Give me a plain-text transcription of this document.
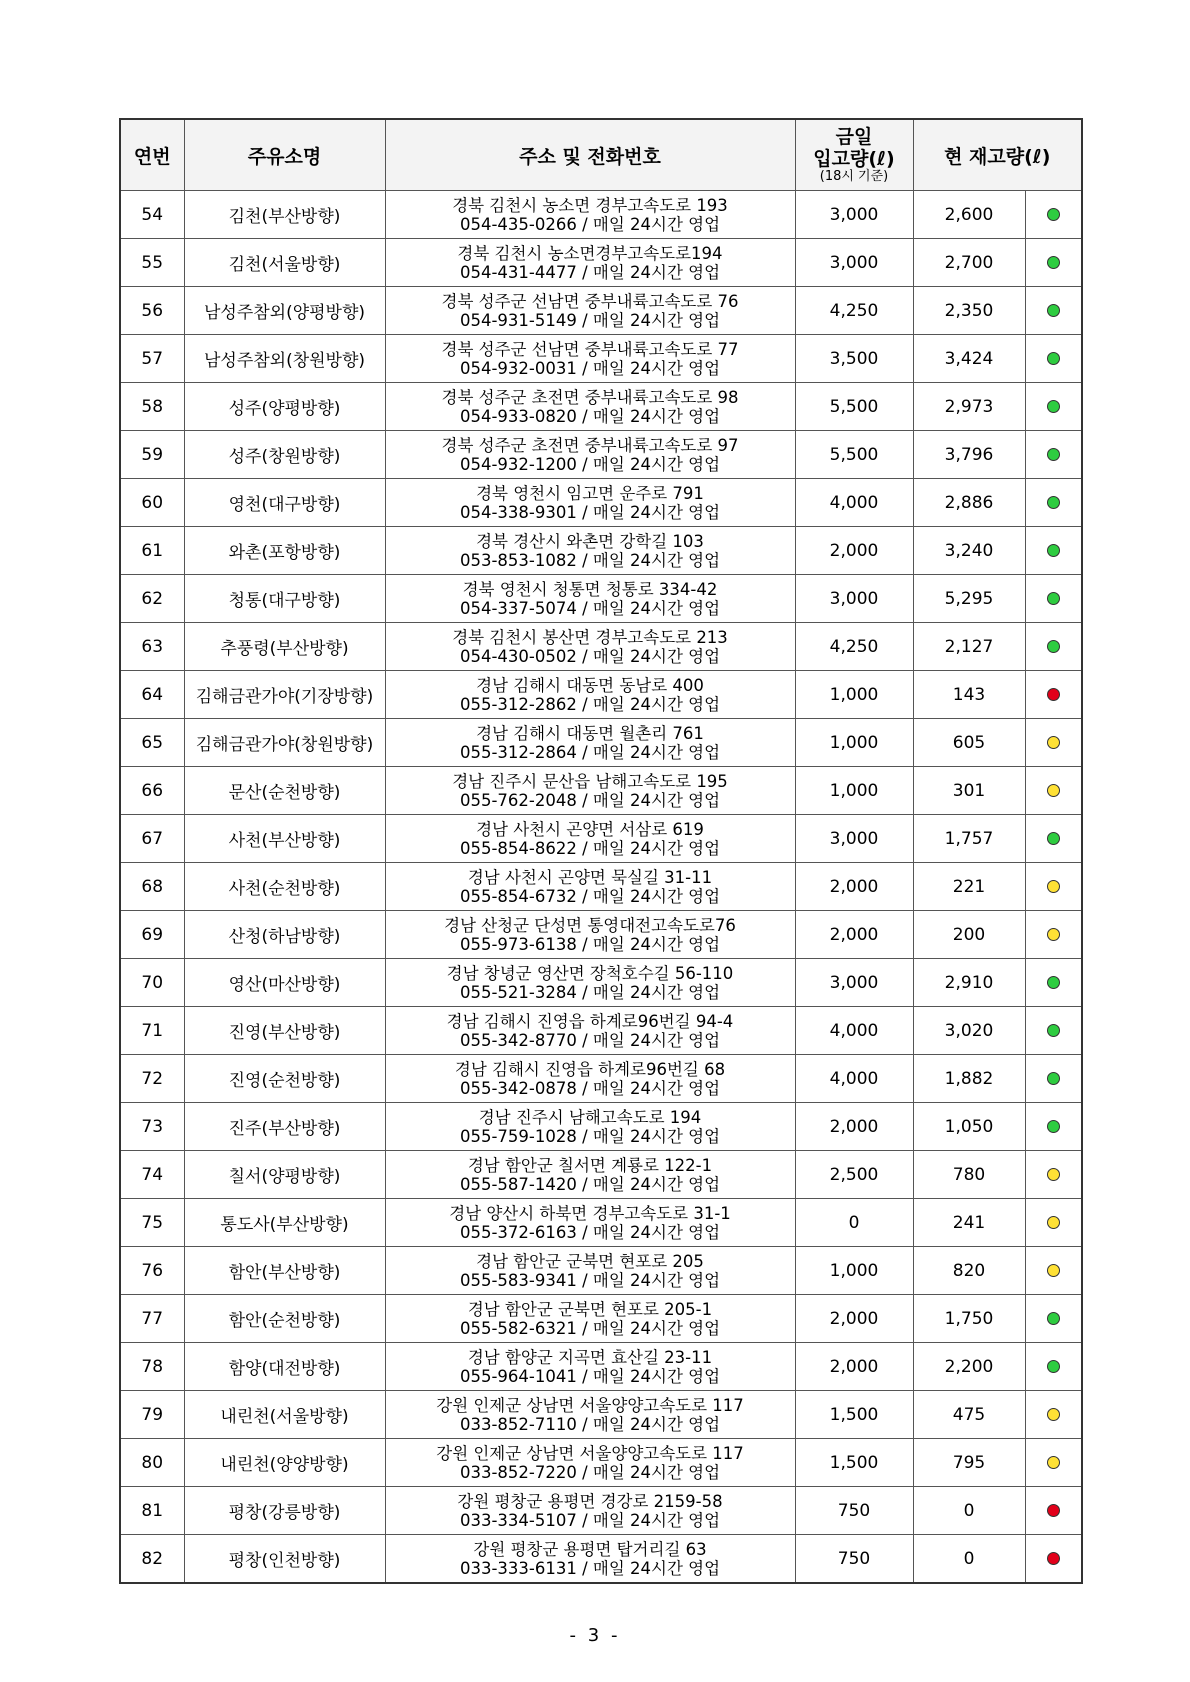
연번	주유소명	주소 및 전화번호	금일
입고량(ℓ)
(18시 기준)	현 재고량(ℓ)	
54	김천(부산방향)	경북 김천시 농소면 경부고속도로 193
054-435-0266 / 매일 24시간 영업	3,000	2,600	
55	김천(서울방향)	경북 김천시 농소면경부고속도로194
054-431-4477 / 매일 24시간 영업	3,000	2,700	
56	남성주참외(양평방향)	경북 성주군 선남면 중부내륙고속도로 76
054-931-5149 / 매일 24시간 영업	4,250	2,350	
57	남성주참외(창원방향)	경북 성주군 선남면 중부내륙고속도로 77
054-932-0031 / 매일 24시간 영업	3,500	3,424	
58	성주(양평방향)	경북 성주군 초전면 중부내륙고속도로 98
054-933-0820 / 매일 24시간 영업	5,500	2,973	
59	성주(창원방향)	경북 성주군 초전면 중부내륙고속도로 97
054-932-1200 / 매일 24시간 영업	5,500	3,796	
60	영천(대구방향)	경북 영천시 임고면 운주로 791
054-338-9301 / 매일 24시간 영업	4,000	2,886	
61	와촌(포항방향)	경북 경산시 와촌면 강학길 103
053-853-1082 / 매일 24시간 영업	2,000	3,240	
62	청통(대구방향)	경북 영천시 청통면 청통로 334-42
054-337-5074 / 매일 24시간 영업	3,000	5,295	
63	추풍령(부산방향)	경북 김천시 봉산면 경부고속도로 213
054-430-0502 / 매일 24시간 영업	4,250	2,127	
64	김해금관가야(기장방향)	경남 김해시 대동면 동남로 400
055-312-2862 / 매일 24시간 영업	1,000	143	
65	김해금관가야(창원방향)	경남 김해시 대동면 월촌리 761
055-312-2864 / 매일 24시간 영업	1,000	605	
66	문산(순천방향)	경남 진주시 문산읍 남해고속도로 195
055-762-2048 / 매일 24시간 영업	1,000	301	
67	사천(부산방향)	경남 사천시 곤양면 서삼로 619
055-854-8622 / 매일 24시간 영업	3,000	1,757	
68	사천(순천방향)	경남 사천시 곤양면 묵실길 31-11
055-854-6732 / 매일 24시간 영업	2,000	221	
69	산청(하남방향)	경남 산청군 단성면 통영대전고속도로76
055-973-6138 / 매일 24시간 영업	2,000	200	
70	영산(마산방향)	경남 창녕군 영산면 장척호수길 56-110
055-521-3284 / 매일 24시간 영업	3,000	2,910	
71	진영(부산방향)	경남 김해시 진영읍 하계로96번길 94-4
055-342-8770 / 매일 24시간 영업	4,000	3,020	
72	진영(순천방향)	경남 김해시 진영읍 하계로96번길 68
055-342-0878 / 매일 24시간 영업	4,000	1,882	
73	진주(부산방향)	경남 진주시 남해고속도로 194
055-759-1028 / 매일 24시간 영업	2,000	1,050	
74	칠서(양평방향)	경남 함안군 칠서면 계룡로 122-1
055-587-1420 / 매일 24시간 영업	2,500	780	
75	통도사(부산방향)	경남 양산시 하북면 경부고속도로 31-1
055-372-6163 / 매일 24시간 영업	0	241	
76	함안(부산방향)	경남 함안군 군북면 현포로 205
055-583-9341 / 매일 24시간 영업	1,000	820	
77	함안(순천방향)	경남 함안군 군북면 현포로 205-1
055-582-6321 / 매일 24시간 영업	2,000	1,750	
78	함양(대전방향)	경남 함양군 지곡면 효산길 23-11
055-964-1041 / 매일 24시간 영업	2,000	2,200	
79	내린천(서울방향)	강원 인제군 상남면 서울양양고속도로 117
033-852-7110 / 매일 24시간 영업	1,500	475	
80	내린천(양양방향)	강원 인제군 상남면 서울양양고속도로 117
033-852-7220 / 매일 24시간 영업	1,500	795	
81	평창(강릉방향)	강원 평창군 용평면 경강로 2159-58
033-334-5107 / 매일 24시간 영업	750	0	
82	평창(인천방향)	강원 평창군 용평면 탑거리길 63
033-333-6131 / 매일 24시간 영업	750	0	
- 3 -
